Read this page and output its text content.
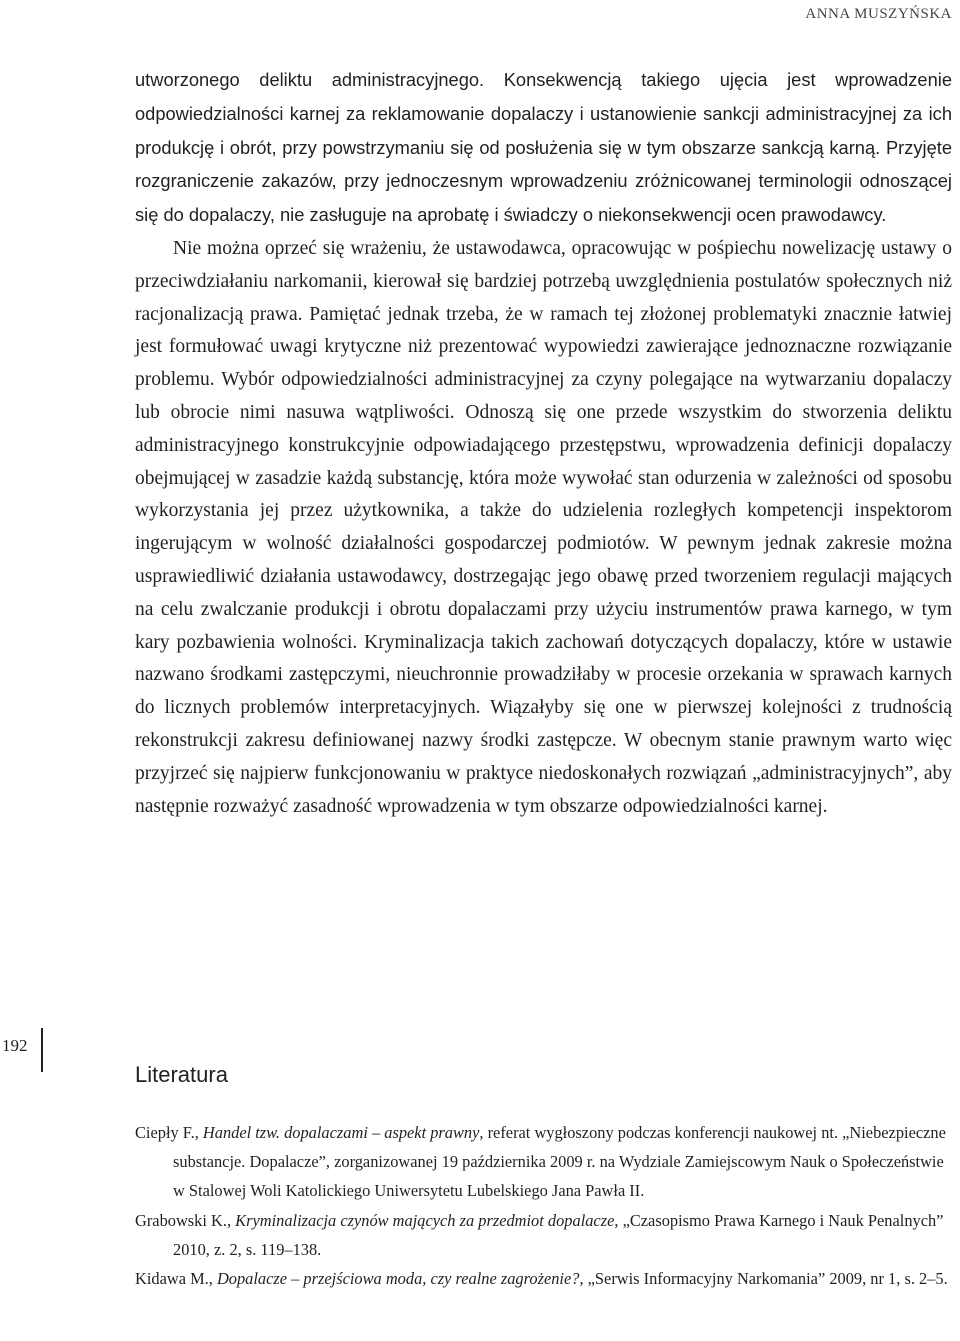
ANNA MUSZYŃSKA

utworzonego deliktu administracyjnego. Konsekwencją takiego ujęcia jest wprowadzenie odpowiedzialności karnej za reklamowanie dopalaczy i ustanowienie sankcji administracyjnej za ich produkcję i obrót, przy powstrzymaniu się od posłużenia się w tym obszarze sankcją karną. Przyjęte rozgraniczenie zakazów, przy jednoczesnym wprowadzeniu zróżnicowanej terminologii odnoszącej się do dopalaczy, nie zasługuje na aprobatę i świadczy o niekonsekwencji ocen prawodawcy.

Nie można oprzeć się wrażeniu, że ustawodawca, opracowując w pośpiechu nowelizację ustawy o przeciwdziałaniu narkomanii, kierował się bardziej potrzebą uwzględnienia postulatów społecznych niż racjonalizacją prawa. Pamiętać jednak trzeba, że w ramach tej złożonej problematyki znacznie łatwiej jest formułować uwagi krytyczne niż prezentować wypowiedzi zawierające jednoznaczne rozwiązanie problemu. Wybór odpowiedzialności administracyjnej za czyny polegające na wytwarzaniu dopalaczy lub obrocie nimi nasuwa wątpliwości. Odnoszą się one przede wszystkim do stworzenia deliktu administracyjnego konstrukcyjnie odpowiadającego przestępstwu, wprowadzenia definicji dopalaczy obejmującej w zasadzie każdą substancję, która może wywołać stan odurzenia w zależności od sposobu wykorzystania jej przez użytkownika, a także do udzielenia rozległych kompetencji inspektorom ingerującym w wolność działalności gospodarczej podmiotów. W pewnym jednak zakresie można usprawiedliwić działania ustawodawcy, dostrzegając jego obawę przed tworzeniem regulacji mających na celu zwalczanie produkcji i obrotu dopalaczami przy użyciu instrumentów prawa karnego, w tym kary pozbawienia wolności. Kryminalizacja takich zachowań dotyczących dopalaczy, które w ustawie nazwano środkami zastępczymi, nieuchronnie prowadziłaby w procesie orzekania w sprawach karnych do licznych problemów interpretacyjnych. Wiązałyby się one w pierwszej kolejności z trudnością rekonstrukcji zakresu definiowanej nazwy środki zastępcze. W obecnym stanie prawnym warto więc przyjrzeć się najpierw funkcjonowaniu w praktyce niedoskonałych rozwiązań „administracyjnych”, aby następnie rozważyć zasadność wprowadzenia w tym obszarze odpowiedzialności karnej.

192
Literatura
Ciepły F., Handel tzw. dopalaczami – aspekt prawny, referat wygłoszony podczas konferencji naukowej nt. „Niebezpieczne substancje. Dopalacze”, zorganizowanej 19 października 2009 r. na Wydziale Zamiejscowym Nauk o Społeczeństwie w Stalowej Woli Katolickiego Uniwersytetu Lubelskiego Jana Pawła II.
Grabowski K., Kryminalizacja czynów mających za przedmiot dopalacze, „Czasopismo Prawa Karnego i Nauk Penalnych” 2010, z. 2, s. 119–138.
Kidawa M., Dopalacze – przejściowa moda, czy realne zagrożenie?, „Serwis Informacyjny Narkomania” 2009, nr 1, s. 2–5.
